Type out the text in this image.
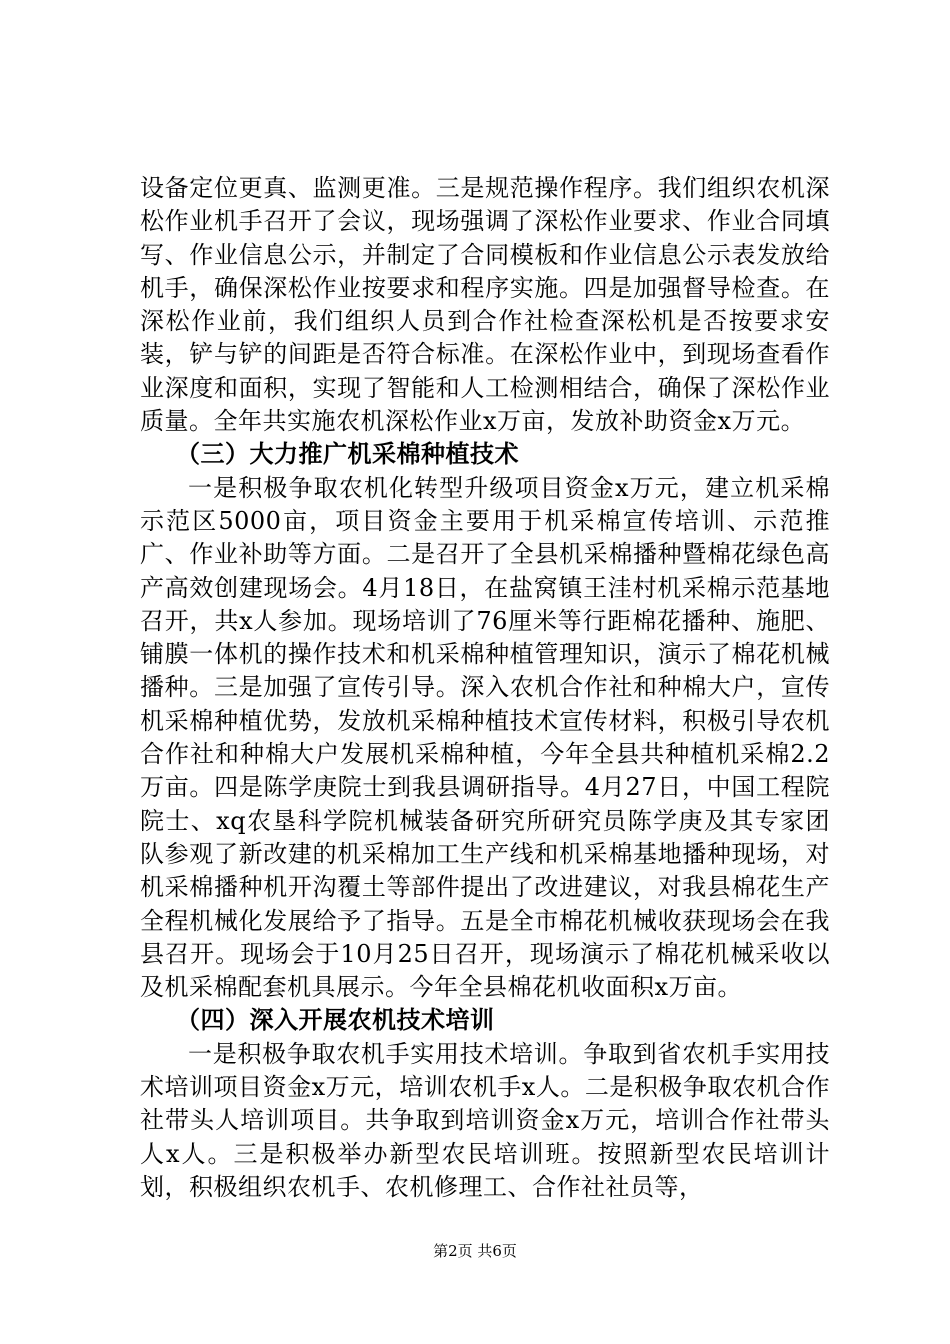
设备定位更真、监测更准。三是规范操作程序。我们组织农机深松作业机手召开了会议，现场强调了深松作业要求、作业合同填写、作业信息公示，并制定了合同模板和作业信息公示表发放给机手，确保深松作业按要求和程序实施。四是加强督导检查。在深松作业前，我们组织人员到合作社检查深松机是否按要求安装，铲与铲的间距是否符合标准。在深松作业中，到现场查看作业深度和面积，实现了智能和人工检测相结合，确保了深松作业质量。全年共实施农机深松作业x万亩，发放补助资金x万元。

（三）大力推广机采棉种植技术

一是积极争取农机化转型升级项目资金x万元，建立机采棉示范区5000亩，项目资金主要用于机采棉宣传培训、示范推广、作业补助等方面。二是召开了全县机采棉播种暨棉花绿色高产高效创建现场会。4月18日，在盐窝镇王洼村机采棉示范基地召开，共x人参加。现场培训了76厘米等行距棉花播种、施肥、铺膜一体机的操作技术和机采棉种植管理知识，演示了棉花机械播种。三是加强了宣传引导。深入农机合作社和种棉大户，宣传机采棉种植优势，发放机采棉种植技术宣传材料，积极引导农机合作社和种棉大户发展机采棉种植，今年全县共种植机采棉2.2万亩。四是陈学庚院士到我县调研指导。4月27日，中国工程院院士、xq农垦科学院机械装备研究所研究员陈学庚及其专家团队参观了新改建的机采棉加工生产线和机采棉基地播种现场，对机采棉播种机开沟覆土等部件提出了改进建议，对我县棉花生产全程机械化发展给予了指导。五是全市棉花机械收获现场会在我县召开。现场会于10月25日召开，现场演示了棉花机械采收以及机采棉配套机具展示。今年全县棉花机收面积x万亩。

（四）深入开展农机技术培训

一是积极争取农机手实用技术培训。争取到省农机手实用技术培训项目资金x万元，培训农机手x人。二是积极争取农机合作社带头人培训项目。共争取到培训资金x万元，培训合作社带头人x人。三是积极举办新型农民培训班。按照新型农民培训计划，积极组织农机手、农机修理工、合作社社员等，

第2页 共6页
